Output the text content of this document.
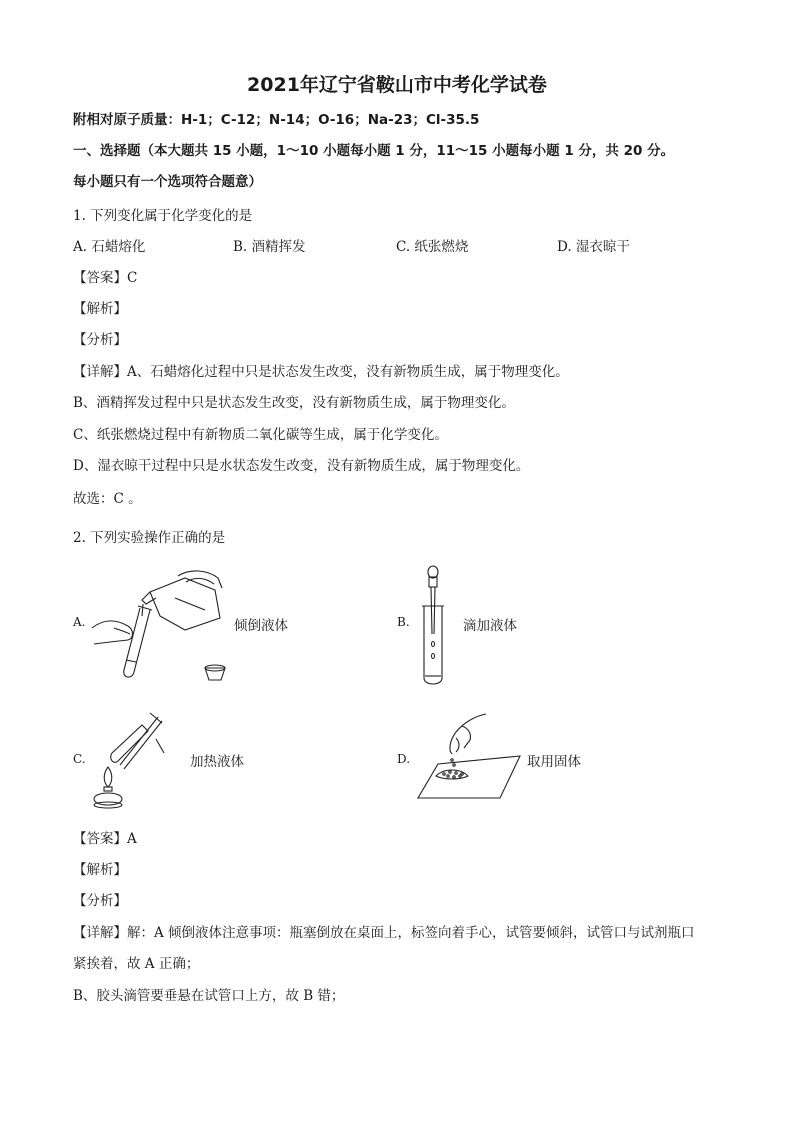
2021年辽宁省鞍山市中考化学试卷
附相对原子质量：H-1；C-12；N-14；O-16；Na-23；Cl-35.5
一、选择题（本大题共 15 小题，1～10 小题每小题 1 分，11～15 小题每小题 1 分，共 20 分。
每小题只有一个选项符合题意）
1. 下列变化属于化学变化的是
A. 石蜡熔化	B. 酒精挥发	C. 纸张燃烧	D. 湿衣晾干
【答案】C
【解析】
【分析】
【详解】A、石蜡熔化过程中只是状态发生改变，没有新物质生成，属于物理变化。
B、酒精挥发过程中只是状态发生改变，没有新物质生成，属于物理变化。
C、纸张燃烧过程中有新物质二氧化碳等生成，属于化学变化。
D、湿衣晾干过程中只是水状态发生改变，没有新物质生成，属于物理变化。
故选：C 。
2. 下列实验操作正确的是
A.	倾倒液体	B.	滴加液体
C.	加热液体	D.	取用固体
【答案】A
【解析】
【分析】
【详解】解：A 倾倒液体注意事项：瓶塞倒放在桌面上，标签向着手心，试管要倾斜，试管口与试剂瓶口
紧挨着，故 A 正确；
B、胶头滴管要垂悬在试管口上方，故 B 错；
